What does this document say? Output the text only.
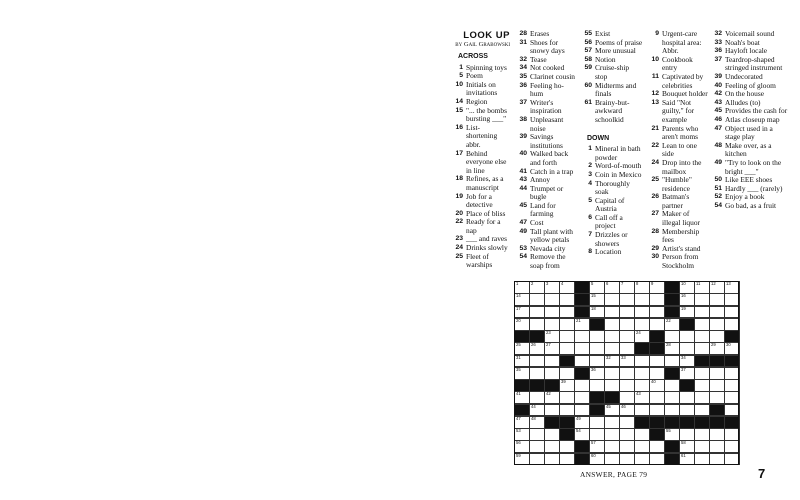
LOOK UP
by Gail Grabowski
ACROSS
1 Spinning toys
5 Poem
10 Initials on invitations
14 Region
15 "... the bombs bursting ___"
16 List-shortening abbr.
17 Behind everyone else in line
18 Refines, as a manuscript
19 Job for a detective
20 Place of bliss
22 Ready for a nap
23 ___ and raves
24 Drinks slowly
25 Fleet of warships
28 Erases
31 Shoes for snowy days
32 Tease
34 Not cooked
35 Clarinet cousin
36 Feeling ho-hum
37 Writer's inspiration
38 Unpleasant noise
39 Savings institutions
40 Walked back and forth
41 Catch in a trap
43 Annoy
44 Trumpet or bugle
45 Land for farming
47 Cost
49 Tall plant with yellow petals
53 Nevada city
54 Remove the soap from
55 Exist
56 Poems of praise
57 More unusual
58 Notion
59 Cruise-ship stop
60 Midterms and finals
61 Brainy-but-awkward schoolkid
DOWN
1 Mineral in bath powder
2 Word-of-mouth
3 Coin in Mexico
4 Thoroughly soak
5 Capital of Austria
6 Call off a project
7 Drizzles or showers
8 Location
9 Urgent-care hospital area: Abbr.
10 Cookbook entry
11 Captivated by celebrities
12 Bouquet holder
13 Said "Not guilty," for example
21 Parents who aren't moms
22 Lean to one side
24 Drop into the mailbox
25 "Humble" residence
26 Batman's partner
27 Maker of illegal liquor
28 Membership fees
29 Artist's stand
30 Person from Stockholm
32 Voicemail sound
33 Noah's boat
36 Hayloft locale
37 Teardrop-shaped stringed instrument
39 Undecorated
40 Feeling of gloom
42 On the house
43 Alludes (to)
45 Provides the cash for
46 Atlas closeup map
47 Object used in a stage play
48 Make over, as a kitchen
49 "Try to look on the bright ___"
50 Like EEE shoes
51 Hardly ___ (rarely)
52 Enjoy a book
54 Go bad, as a fruit
1	2	3	4	5	6	7	8	9	10 11	12 13
14	15	16
17	18	19
20	21	22
23	24
25 26 27	28	29 30
31	32 33	34
35	36	37
39	40
41	42	43
44	45 46
47 48	49
53	54	55
56	57	58
59	60	61
ANSWER, PAGE 79	7
